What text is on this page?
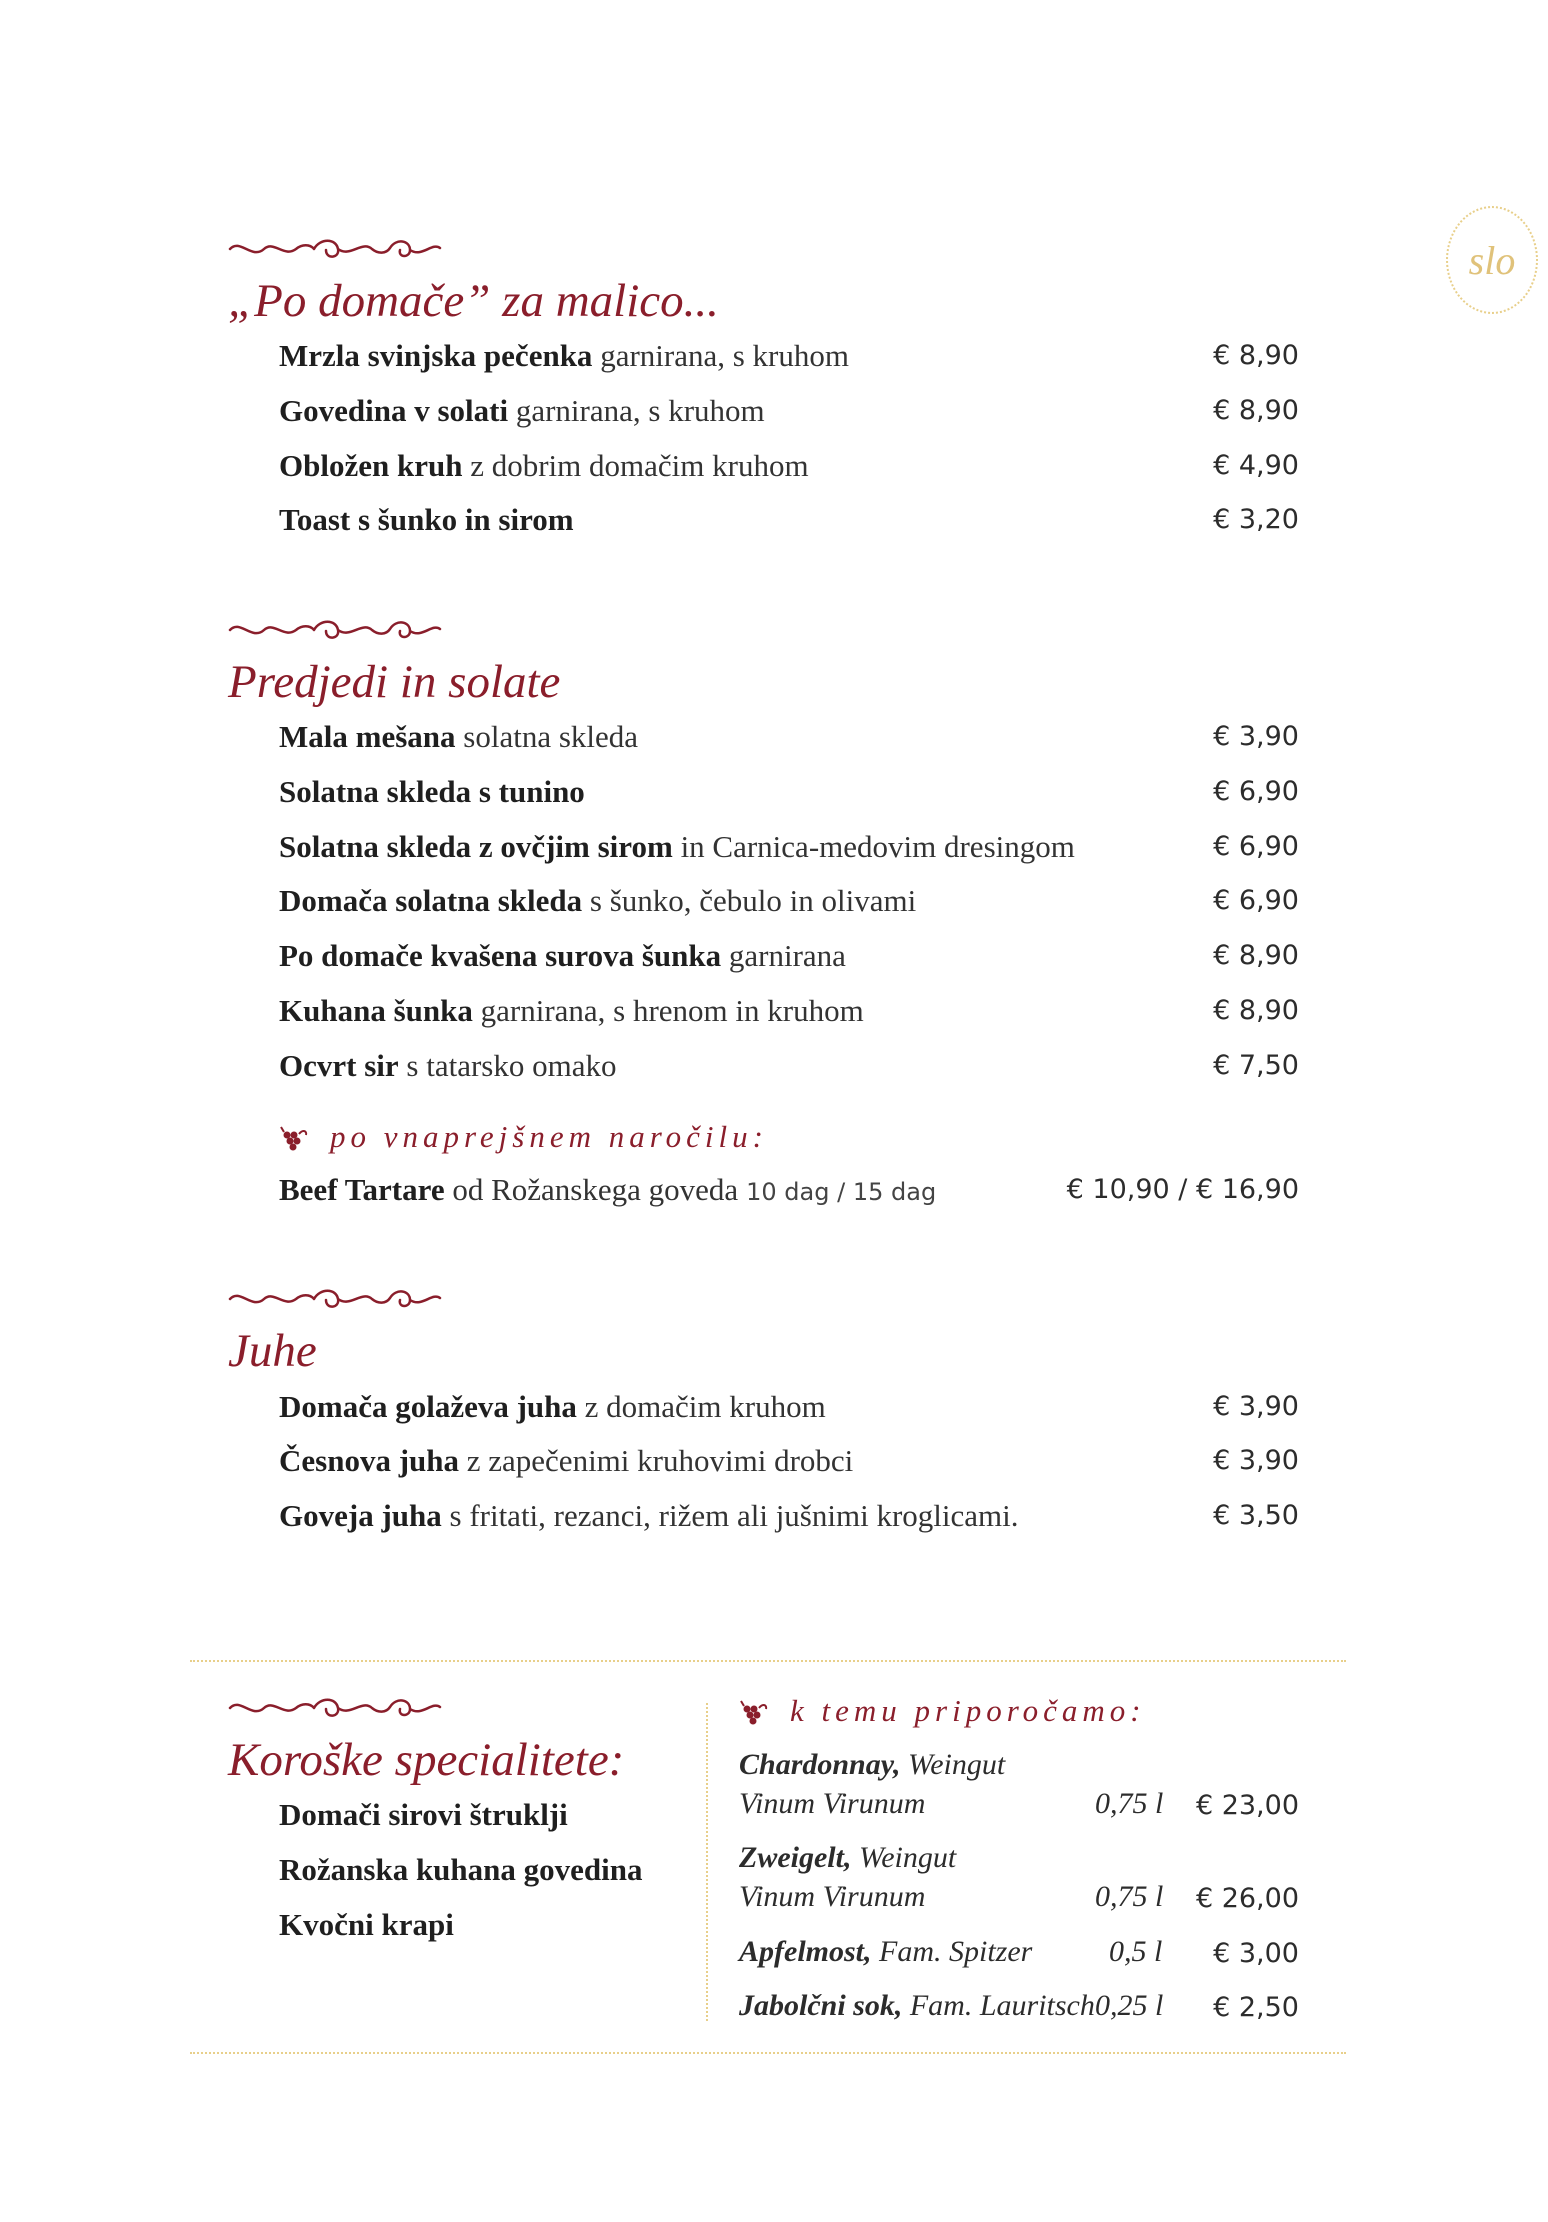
slo
„Po domače” za malico...
Mrzla svinjska pečenka garnirana, s kruhom	€ 8,90
Govedina v solati garnirana, s kruhom	€ 8,90
Obložen kruh z dobrim domačim kruhom	€ 4,90
Toast s šunko in sirom	€ 3,20
Predjedi in solate
Mala mešana solatna skleda	€ 3,90
Solatna skleda s tunino	€ 6,90
Solatna skleda z ovčjim sirom in Carnica-medovim dresingom	€ 6,90
Domača solatna skleda s šunko, čebulo in olivami	€ 6,90
Po domače kvašena surova šunka garnirana	€ 8,90
Kuhana šunka garnirana, s hrenom in kruhom	€ 8,90
Ocvrt sir s tatarsko omako	€ 7,50
po vnaprejšnem naročilu:
Beef Tartare od Rožanskega goveda 10 dag / 15 dag	€ 10,90 / € 16,90
Juhe
Domača golaževa juha z domačim kruhom	€ 3,90
Česnova juha z zapečenimi kruhovimi drobci	€ 3,90
Goveja juha s fritati, rezanci, rižem ali jušnimi kroglicami.	€ 3,50
Koroške specialitete:
Domači sirovi štruklji
Rožanska kuhana govedina
Kvočni krapi
k temu priporočamo:
Chardonnay, Weingut
Vinum Virunum	0,75 l € 23,00
Zweigelt, Weingut
Vinum Virunum	0,75 l € 26,00
Apfelmost, Fam. Spitzer	0,5 l € 3,00
Jabolčni sok, Fam. Lauritsch 0,25 l € 2,50
